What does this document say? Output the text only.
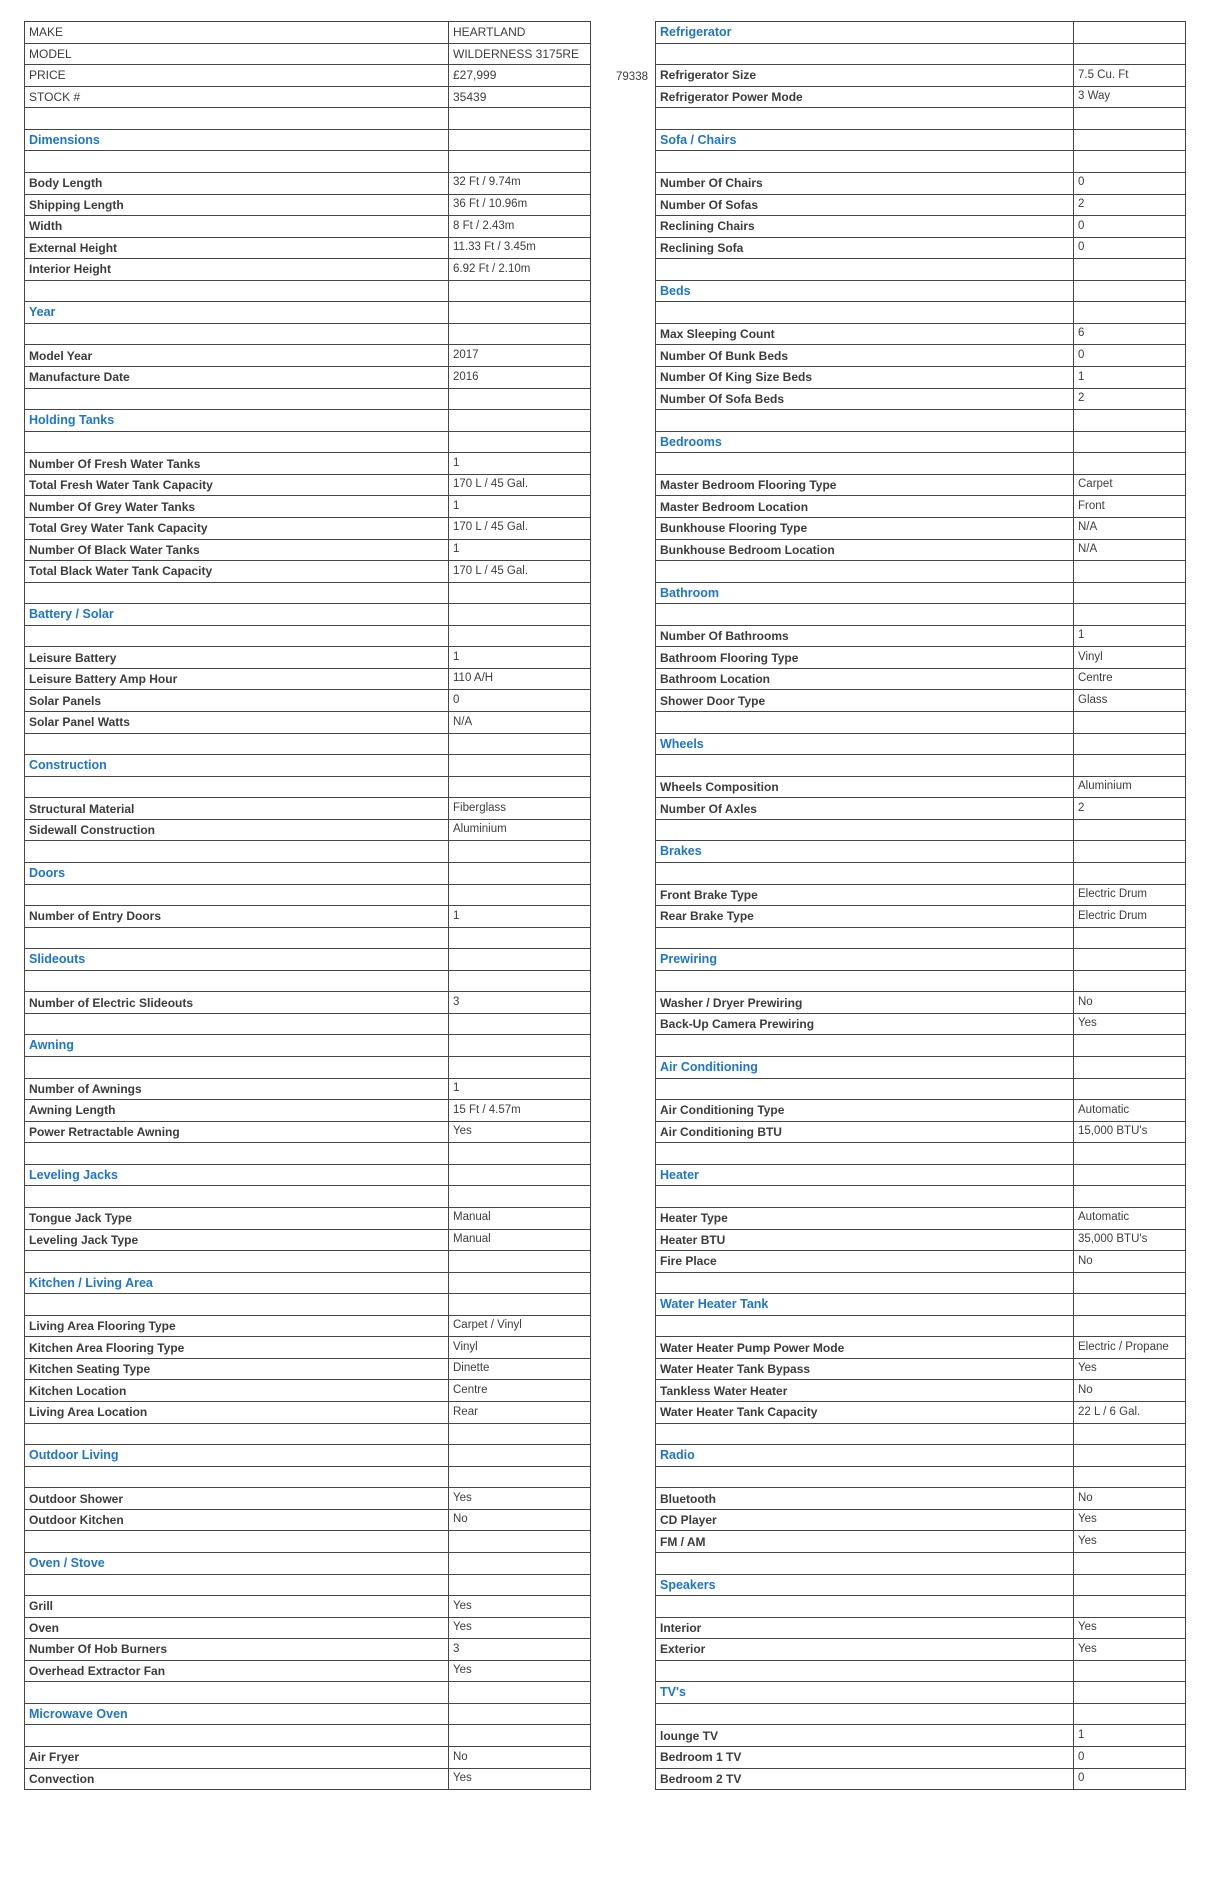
MAKE	HEARTLAND
MODEL	WILDERNESS 3175RE
PRICE	£27,999
STOCK #	35439

Dimensions	

Body Length	32 Ft / 9.74m
Shipping Length	36 Ft / 10.96m
Width	8 Ft / 2.43m
External Height	11.33 Ft / 3.45m
Interior Height	6.92 Ft / 2.10m

Year	

Model Year	2017
Manufacture Date	2016

Holding Tanks	

Number Of Fresh Water Tanks	1
Total Fresh Water Tank Capacity	170 L / 45 Gal.
Number Of Grey Water Tanks	1
Total Grey Water Tank Capacity	170 L / 45 Gal.
Number Of Black Water Tanks	1
Total Black Water Tank Capacity	170 L / 45 Gal.

Battery / Solar	

Leisure Battery	1
Leisure Battery Amp Hour	110 A/H
Solar Panels	0
Solar Panel Watts	N/A

Construction	

Structural Material	Fiberglass
Sidewall Construction	Aluminium

Doors	

Number of Entry Doors	1

Slideouts	

Number of Electric Slideouts	3

Awning	

Number of Awnings	1
Awning Length	15 Ft / 4.57m
Power Retractable Awning	Yes

Leveling Jacks	

Tongue Jack Type	Manual
Leveling Jack Type	Manual

Kitchen / Living Area	

Living Area Flooring Type	Carpet / Vinyl
Kitchen Area Flooring Type	Vinyl
Kitchen Seating Type	Dinette
Kitchen Location	Centre
Living Area Location	Rear

Outdoor Living	

Outdoor Shower	Yes
Outdoor Kitchen	No

Oven / Stove	

Grill	Yes
Oven	Yes
Number Of Hob Burners	3
Overhead Extractor Fan	Yes

Microwave Oven	

Air Fryer	No
Convection	Yes
79338
Refrigerator	

Refrigerator Size	7.5 Cu. Ft
Refrigerator Power Mode	3 Way

Sofa / Chairs	

Number Of Chairs	0
Number Of Sofas	2
Reclining Chairs	0
Reclining Sofa	0

Beds	

Max Sleeping Count	6
Number Of Bunk Beds	0
Number Of King Size Beds	1
Number Of Sofa Beds	2

Bedrooms	

Master Bedroom Flooring Type	Carpet
Master Bedroom Location	Front
Bunkhouse Flooring Type	N/A
Bunkhouse Bedroom Location	N/A

Bathroom	

Number Of Bathrooms	1
Bathroom Flooring Type	Vinyl
Bathroom Location	Centre
Shower Door Type	Glass

Wheels	

Wheels Composition	Aluminium
Number Of Axles	2

Brakes	

Front Brake Type	Electric Drum
Rear Brake Type	Electric Drum

Prewiring	

Washer / Dryer Prewiring	No
Back-Up Camera Prewiring	Yes

Air Conditioning	

Air Conditioning Type	Automatic
Air Conditioning BTU	15,000 BTU's

Heater	

Heater Type	Automatic
Heater BTU	35,000 BTU's
Fire Place	No

Water Heater Tank	

Water Heater Pump Power Mode	Electric / Propane
Water Heater Tank Bypass	Yes
Tankless Water Heater	No
Water Heater Tank Capacity	22 L / 6 Gal.

Radio	

Bluetooth	No
CD Player	Yes
FM / AM	Yes

Speakers	

Interior	Yes
Exterior	Yes

TV's	

lounge TV	1
Bedroom 1 TV	0
Bedroom 2 TV	0
